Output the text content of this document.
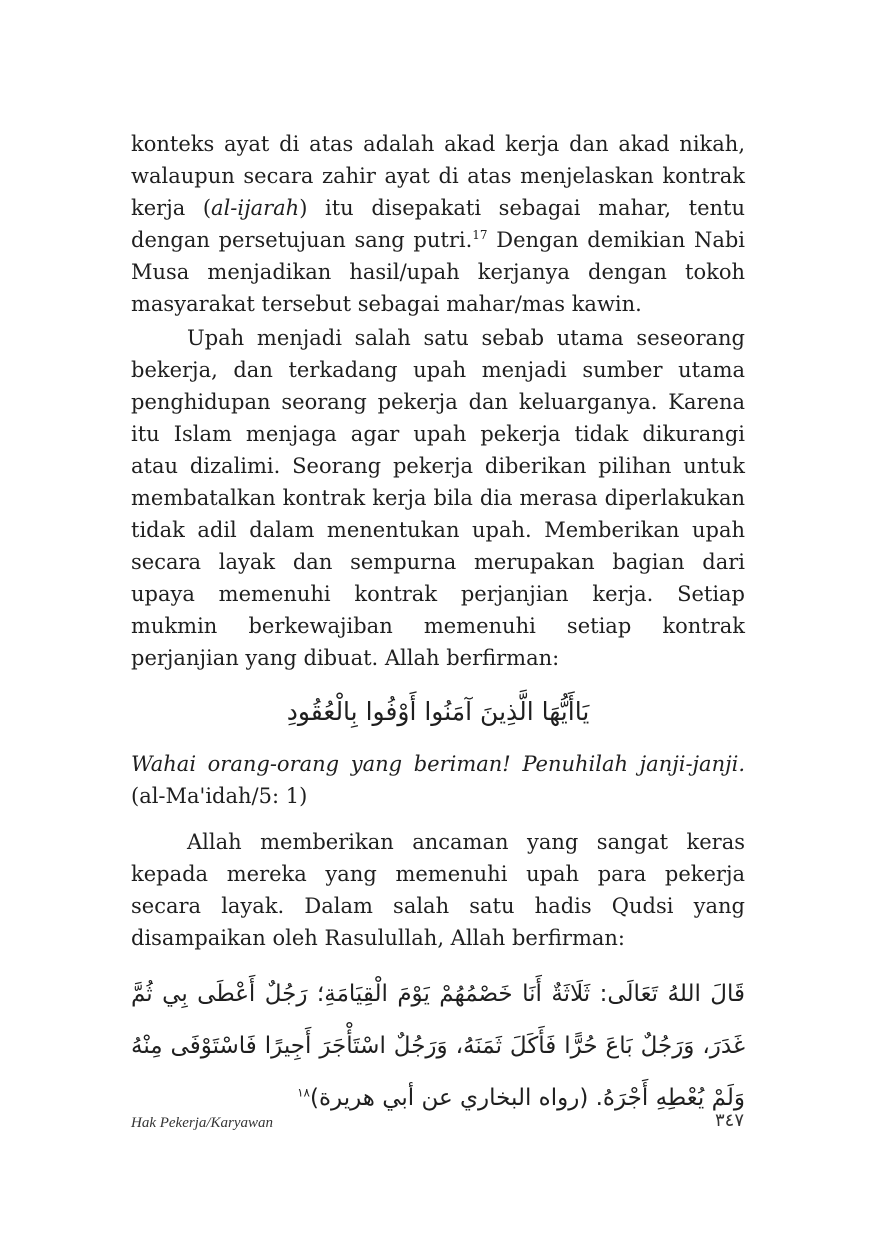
konteks ayat di atas adalah akad kerja dan akad nikah, walaupun secara zahir ayat di atas menjelaskan kontrak kerja (al-ijarah) itu disepakati sebagai mahar, tentu dengan persetujuan sang putri.$^{17}$ Dengan demikian Nabi Musa menjadikan hasil/upah kerjanya dengan tokoh masyarakat tersebut sebagai mahar/mas kawin.

Upah menjadi salah satu sebab utama seseorang bekerja, dan terkadang upah menjadi sumber utama penghidupan seorang pekerja dan keluarganya. Karena itu Islam menjaga agar upah pekerja tidak dikurangi atau dizalimi. Seorang pekerja diberikan pilihan untuk membatalkan kontrak kerja bila dia merasa diperlakukan tidak adil dalam menentukan upah. Memberikan upah secara layak dan sempurna merupakan bagian dari upaya memenuhi kontrak perjanjian kerja. Setiap mukmin berkewajiban memenuhi setiap kontrak perjanjian yang dibuat. Allah berfirman:

يَاأَيُّهَا الَّذِينَ آمَنُوا أَوْفُوا بِالْعُقُودِ

Wahai orang-orang yang beriman! Penuhilah janji-janji. (al-Ma'idah/5: 1)

Allah memberikan ancaman yang sangat keras kepada mereka yang memenuhi upah para pekerja secara layak. Dalam salah satu hadis Qudsi yang disampaikan oleh Rasulullah, Allah berfirman:

قَالَ اللهُ تَعَالَى: ثَلَاثَةٌ أَنَا خَصْمُهُمْ يَوْمَ الْقِيَامَةِ؛ رَجُلٌ أَعْطَى بِي ثُمَّ غَدَرَ، وَرَجُلٌ بَاعَ حُرًّا فَأَكَلَ ثَمَنَهُ، وَرَجُلٌ اسْتَأْجَرَ أَجِيرًا فَاسْتَوْفَى مِنْهُ وَلَمْ يُعْطِهِ أَجْرَهُ. (رواه البخاري عن أبي هريرة)$^{١٨}$

Hak Pekerja/Karyawan	٣٤٧
